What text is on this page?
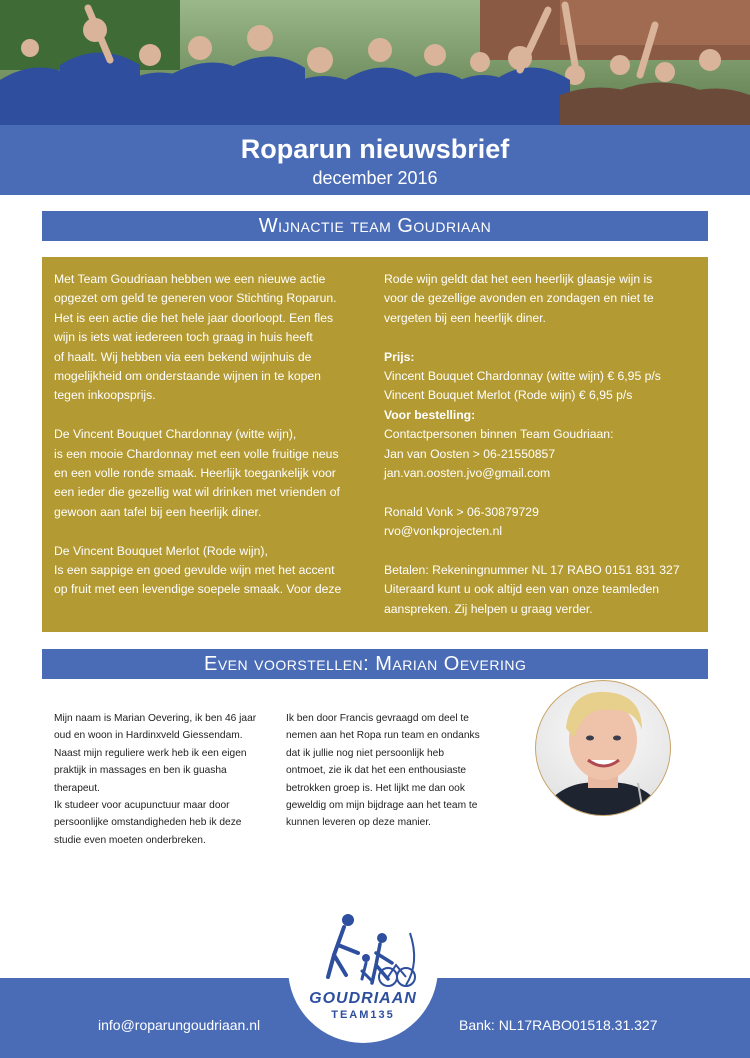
Roparun nieuwsbrief
december 2016
Wijnactie team Goudriaan
Met Team Goudriaan hebben we een nieuwe actie
opgezet om geld te generen voor Stichting Roparun.
Het is een actie die het hele jaar doorloopt. Een fles
wijn is iets wat iedereen toch graag in huis heeft
of haalt. Wij hebben via een bekend wijnhuis de
mogelijkheid om onderstaande wijnen in te kopen
tegen inkoopsprijs.
De Vincent Bouquet Chardonnay (witte wijn),
is een mooie Chardonnay met een volle fruitige neus
en een volle ronde smaak. Heerlijk toegankelijk voor
een ieder die gezellig wat wil drinken met vrienden of
gewoon aan tafel bij een heerlijk diner.
De Vincent Bouquet Merlot (Rode wijn),
Is een sappige en goed gevulde wijn met het accent
op fruit met een levendige soepele smaak. Voor deze
Rode wijn geldt dat het een heerlijk glaasje wijn is
voor de gezellige avonden en zondagen en niet te
vergeten bij een heerlijk diner.
Prijs:
Vincent Bouquet Chardonnay (witte wijn) € 6,95 p/s
Vincent Bouquet Merlot (Rode wijn) € 6,95 p/s
Voor bestelling:
Contactpersonen binnen Team Goudriaan:
Jan van Oosten > 06-21550857
jan.van.oosten.jvo@gmail.com
Ronald Vonk > 06-30879729
rvo@vonkprojecten.nl
Betalen: Rekeningnummer NL 17 RABO 0151 831 327
Uiteraard kunt u ook altijd een van onze teamleden
aanspreken. Zij helpen u graag verder.
Even voorstellen: Marian Oevering
Mijn naam is Marian Oevering, ik ben 46 jaar
oud en woon in Hardinxveld Giessendam.
Naast mijn reguliere werk heb ik een eigen
praktijk in massages en ben ik guasha
therapeut.
Ik studeer voor acupunctuur maar door
persoonlijke omstandigheden heb ik deze
studie even moeten onderbreken.
Ik ben door Francis gevraagd om deel te
nemen aan het Ropa run team en ondanks
dat ik jullie nog niet persoonlijk heb
ontmoet, zie ik dat het een enthousiaste
betrokken groep is. Het lijkt me dan ook
geweldig om mijn bijdrage aan het team te
kunnen leveren op deze manier.
info@roparungoudriaan.nl	Bank: NL17RABO01518.31.327
GOUDRIAAN
TEAM135
